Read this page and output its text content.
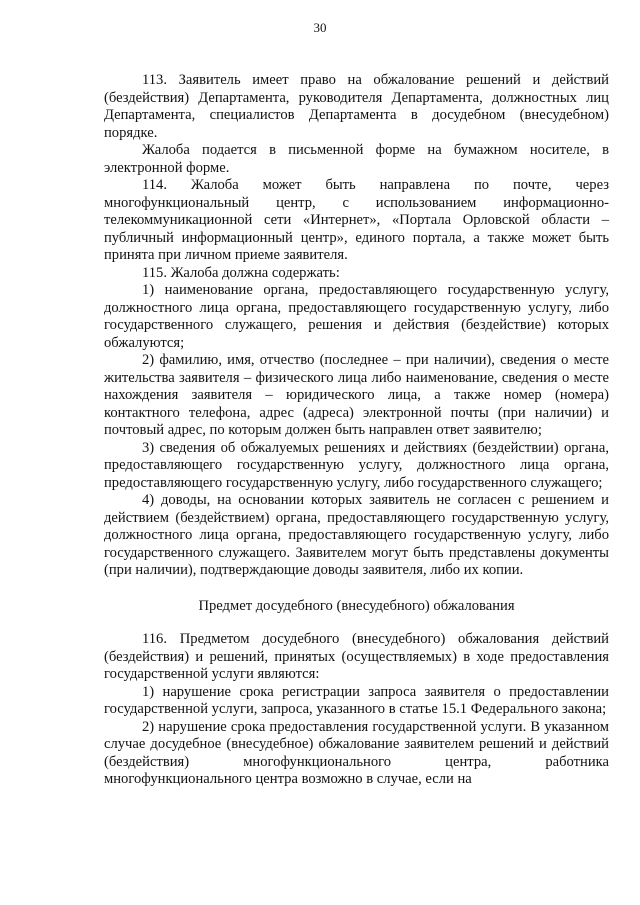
30

113. Заявитель имеет право на обжалование решений и действий (бездействия) Департамента, руководителя Департамента, должностных лиц Департамента, специалистов Департамента в досудебном (внесудебном) порядке.

Жалоба подается в письменной форме на бумажном носителе, в электронной форме.

114. Жалоба может быть направлена по почте, через многофункциональный центр, с использованием информационно-телекоммуникационной сети «Интернет», «Портала Орловской области – публичный информационный центр», единого портала, а также может быть принята при личном приеме заявителя.

115. Жалоба должна содержать:

1) наименование органа, предоставляющего государственную услугу, должностного лица органа, предоставляющего государственную услугу, либо государственного служащего, решения и действия (бездействие) которых обжалуются;

2) фамилию, имя, отчество (последнее – при наличии), сведения о месте жительства заявителя – физического лица либо наименование, сведения о месте нахождения заявителя – юридического лица, а также номер (номера) контактного телефона, адрес (адреса) электронной почты (при наличии) и почтовый адрес, по которым должен быть направлен ответ заявителю;

3) сведения об обжалуемых решениях и действиях (бездействии) органа, предоставляющего государственную услугу, должностного лица органа, предоставляющего государственную услугу, либо государственного служащего;

4) доводы, на основании которых заявитель не согласен с решением и действием (бездействием) органа, предоставляющего государственную услугу, должностного лица органа, предоставляющего государственную услугу, либо государственного служащего. Заявителем могут быть представлены документы (при наличии), подтверждающие доводы заявителя, либо их копии.

Предмет досудебного (внесудебного) обжалования

116. Предметом досудебного (внесудебного) обжалования действий (бездействия) и решений, принятых (осуществляемых) в ходе предоставления государственной услуги являются:

1) нарушение срока регистрации запроса заявителя о предоставлении государственной услуги, запроса, указанного в статье 15.1 Федерального закона;

2) нарушение срока предоставления государственной услуги. В указанном случае досудебное (внесудебное) обжалование заявителем решений и действий (бездействия) многофункционального центра, работника многофункционального центра возможно в случае, если на
